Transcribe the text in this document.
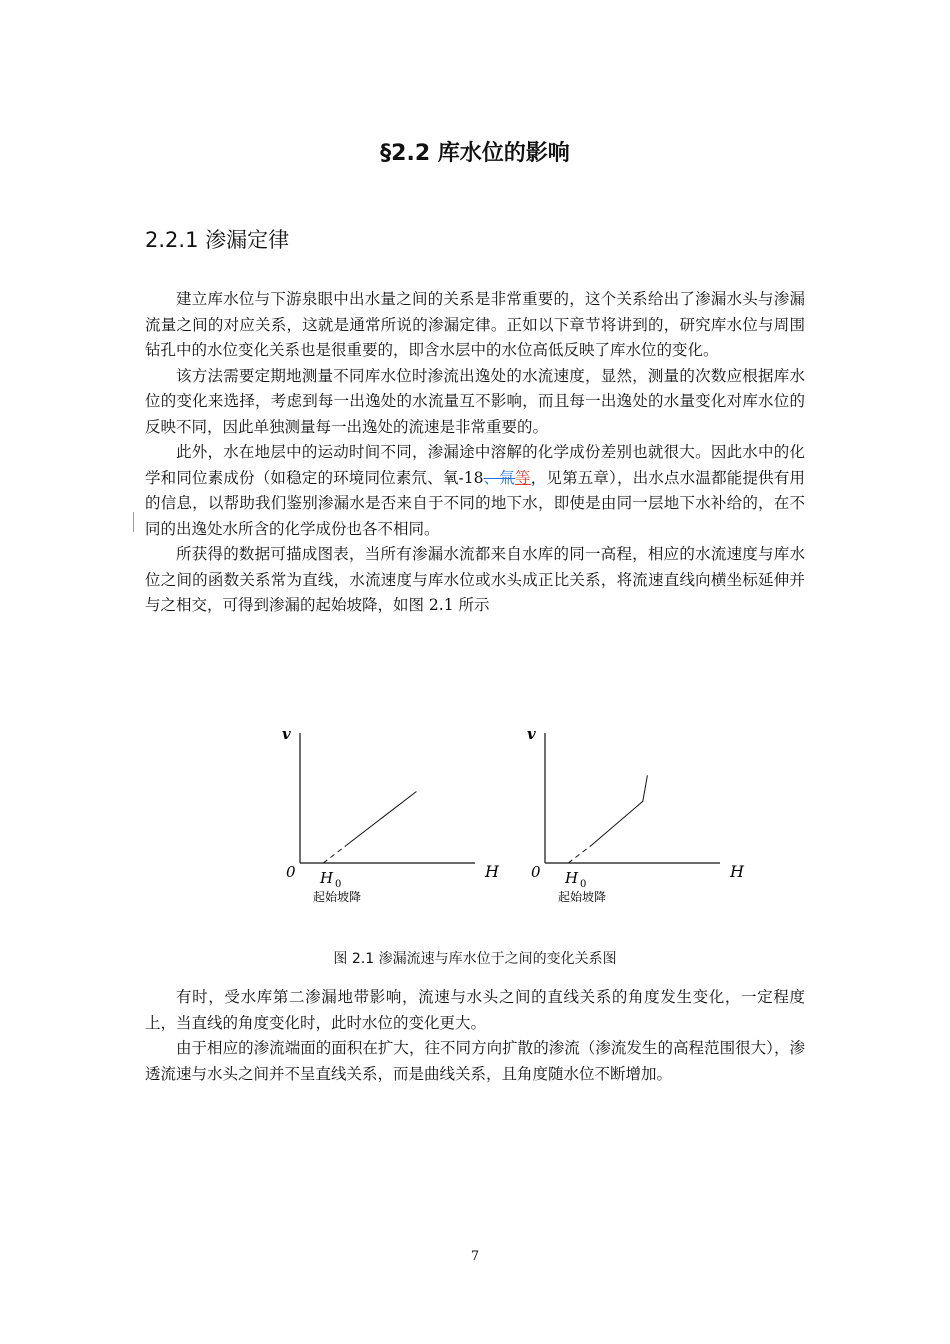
§2.2 库水位的影响
2.2.1 渗漏定律

建立库水位与下游泉眼中出水量之间的关系是非常重要的，这个关系给出了渗漏水头与渗漏流量之间的对应关系，这就是通常所说的渗漏定律。正如以下章节将讲到的，研究库水位与周围钻孔中的水位变化关系也是很重要的，即含水层中的水位高低反映了库水位的变化。

该方法需要定期地测量不同库水位时渗流出逸处的水流速度，显然，测量的次数应根据库水位的变化来选择，考虑到每一出逸处的水流量互不影响，而且每一出逸处的水量变化对库水位的反映不同，因此单独测量每一出逸处的流速是非常重要的。

此外，水在地层中的运动时间不同，渗漏途中溶解的化学成份差别也就很大。因此水中的化学和同位素成份（如稳定的环境同位素氘、氧-18、氚等，见第五章），出水点水温都能提供有用的信息，以帮助我们鉴别渗漏水是否来自于不同的地下水，即使是由同一层地下水补给的，在不同的出逸处水所含的化学成份也各不相同。

所获得的数据可描成图表，当所有渗漏水流都来自水库的同一高程，相应的水流速度与库水位之间的函数关系常为直线，水流速度与库水位或水头成正比关系，将流速直线向横坐标延伸并与之相交，可得到渗漏的起始坡降，如图 2.1 所示

v
H
0 H 0
起始坡降
v
H
0 H 0
起始坡降
图 2.1 渗漏流速与库水位于之间的变化关系图

有时，受水库第二渗漏地带影响，流速与水头之间的直线关系的角度发生变化，一定程度上，当直线的角度变化时，此时水位的变化更大。

由于相应的渗流端面的面积在扩大，往不同方向扩散的渗流（渗流发生的高程范围很大），渗透流速与水头之间并不呈直线关系，而是曲线关系，且角度随水位不断增加。

7
